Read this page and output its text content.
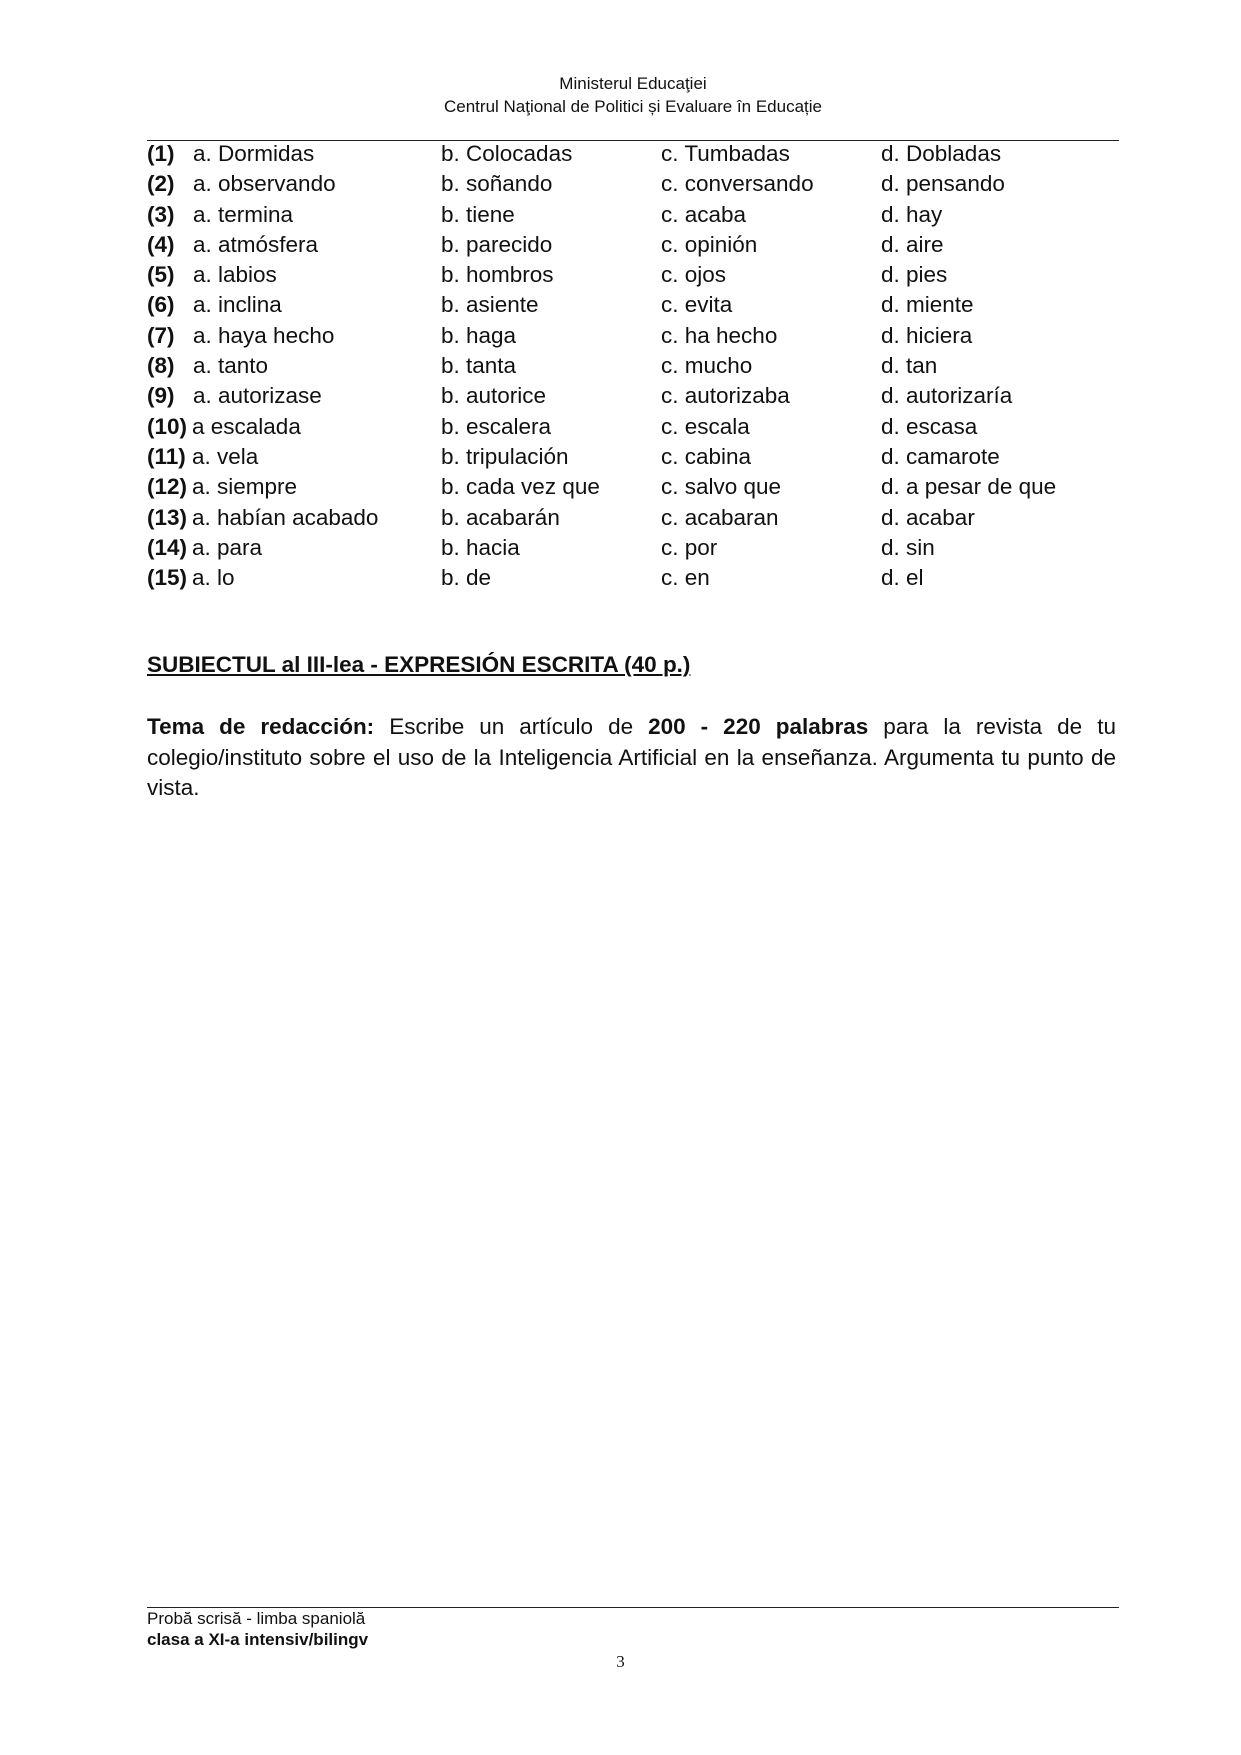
Ministerul Educaţiei
Centrul Naţional de Politici și Evaluare în Educație
(1) a. Dormidas	b. Colocadas	c. Tumbadas	d. Dobladas
(2) a. observando	b. soñando	c. conversando	d. pensando
(3) a. termina	b. tiene	c. acaba	d. hay
(4) a. atmósfera	b. parecido	c. opinión	d. aire
(5) a. labios	b. hombros	c. ojos	d. pies
(6) a. inclina	b. asiente	c. evita	d. miente
(7) a. haya hecho	b. haga	c. ha hecho	d. hiciera
(8) a. tanto	b. tanta	c. mucho	d. tan
(9) a. autorizase	b. autorice	c. autorizaba	d. autorizaría
(10) a escalada	b. escalera	c. escala	d. escasa
(11) a. vela	b. tripulación	c. cabina	d. camarote
(12) a. siempre	b. cada vez que	c. salvo que	d. a pesar de que
(13) a. habían acabado	b. acabarán	c. acabaran	d. acabar
(14) a. para	b. hacia	c. por	d. sin
(15) a. lo	b. de	c. en	d. el
SUBIECTUL al III-lea - EXPRESIÓN ESCRITA (40 p.)
Tema de redacción: Escribe un artículo de 200 - 220 palabras para la revista de tu colegio/instituto sobre el uso de la Inteligencia Artificial en la enseñanza. Argumenta tu punto de vista.
Probă scrisă - limba spaniolă
clasa a XI-a intensiv/bilingv
3
